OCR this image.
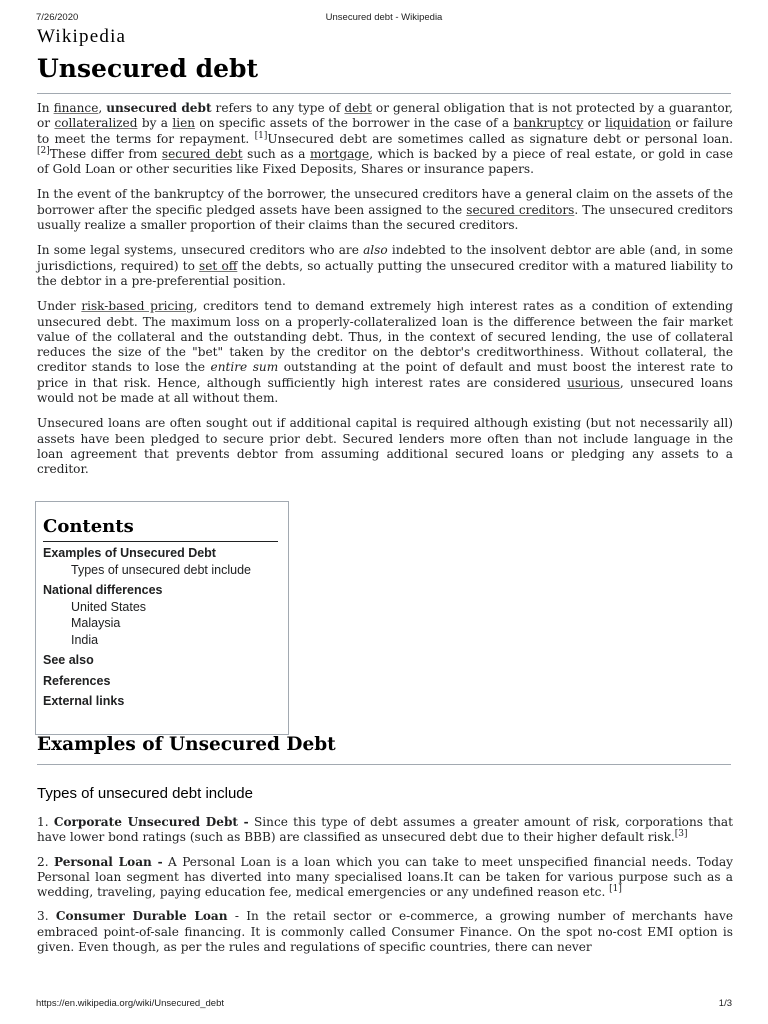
7/26/2020	Unsecured debt - Wikipedia
Wikipedia
Unsecured debt

In finance, unsecured debt refers to any type of debt or general obligation that is not protected by a guarantor, or collateralized by a lien on specific assets of the borrower in the case of a bankruptcy or liquidation or failure to meet the terms for repayment. [1]Unsecured debt are sometimes called as signature debt or personal loan. [2]These differ from secured debt such as a mortgage, which is backed by a piece of real estate, or gold in case of Gold Loan or other securities like Fixed Deposits, Shares or insurance papers.

In the event of the bankruptcy of the borrower, the unsecured creditors have a general claim on the assets of the borrower after the specific pledged assets have been assigned to the secured creditors. The unsecured creditors usually realize a smaller proportion of their claims than the secured creditors.

In some legal systems, unsecured creditors who are also indebted to the insolvent debtor are able (and, in some jurisdictions, required) to set off the debts, so actually putting the unsecured creditor with a matured liability to the debtor in a pre-preferential position.

Under risk-based pricing, creditors tend to demand extremely high interest rates as a condition of extending unsecured debt. The maximum loss on a properly-collateralized loan is the difference between the fair market value of the collateral and the outstanding debt. Thus, in the context of secured lending, the use of collateral reduces the size of the "bet" taken by the creditor on the debtor's creditworthiness. Without collateral, the creditor stands to lose the entire sum outstanding at the point of default and must boost the interest rate to price in that risk. Hence, although sufficiently high interest rates are considered usurious, unsecured loans would not be made at all without them.

Unsecured loans are often sought out if additional capital is required although existing (but not necessarily all) assets have been pledged to secure prior debt. Secured lenders more often than not include language in the loan agreement that prevents debtor from assuming additional secured loans or pledging any assets to a creditor.

Contents
Examples of Unsecured Debt
Types of unsecured debt include
National differences
United States
Malaysia
India
See also
References
External links
Examples of Unsecured Debt
Types of unsecured debt include

1. Corporate Unsecured Debt - Since this type of debt assumes a greater amount of risk, corporations that have lower bond ratings (such as BBB) are classified as unsecured debt due to their higher default risk.[3]

2. Personal Loan - A Personal Loan is a loan which you can take to meet unspecified financial needs. Today Personal loan segment has diverted into many specialised loans.It can be taken for various purpose such as a wedding, traveling, paying education fee, medical emergencies or any undefined reason etc. [1]

3. Consumer Durable Loan - In the retail sector or e-commerce, a growing number of merchants have embraced point-of-sale financing. It is commonly called Consumer Finance. On the spot no-cost EMI option is given. Even though, as per the rules and regulations of specific countries, there can never

https://en.wikipedia.org/wiki/Unsecured_debt	1/3
